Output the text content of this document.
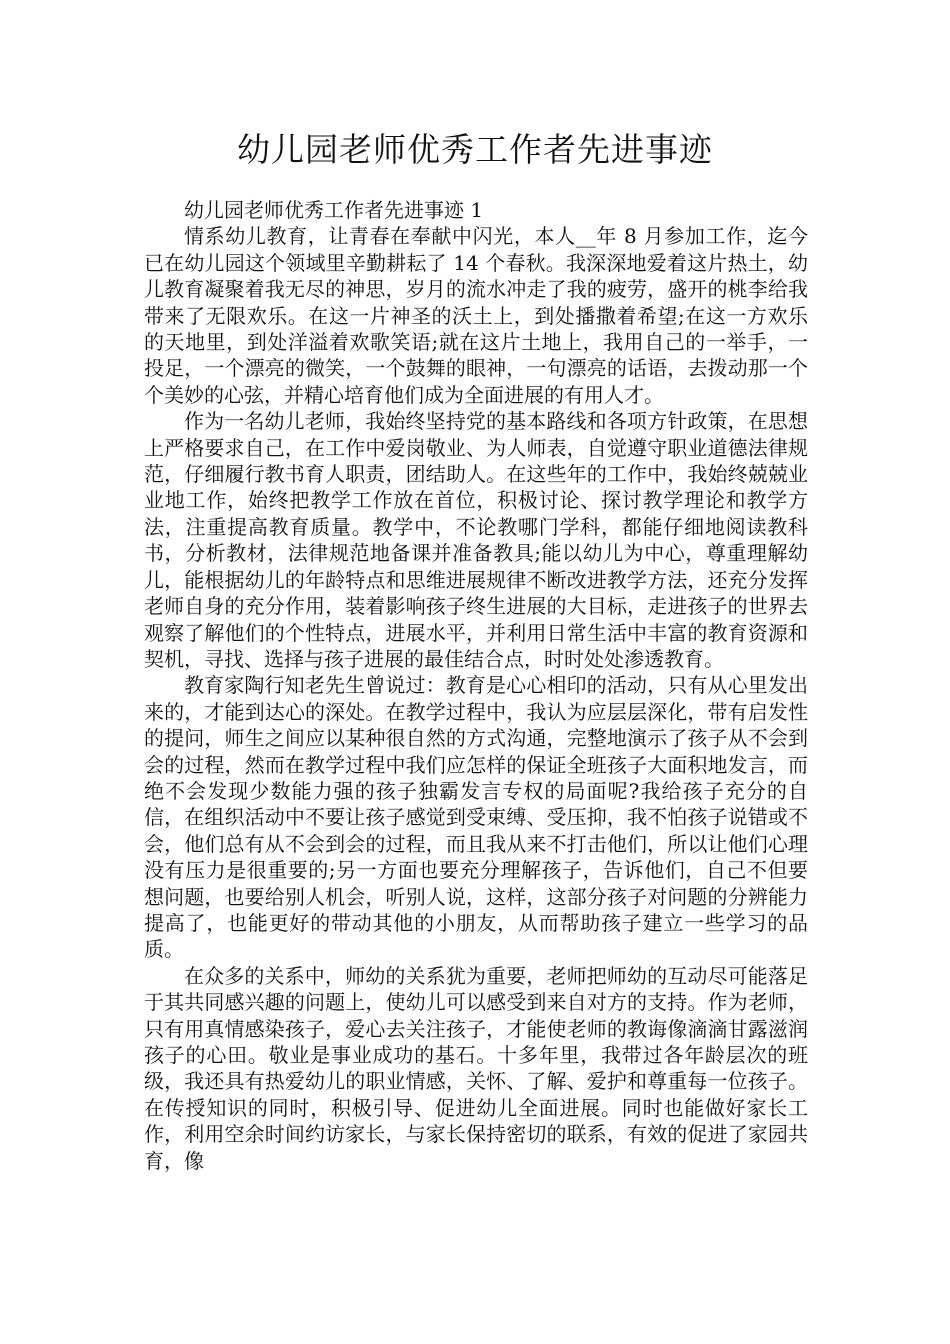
幼儿园老师优秀工作者先进事迹

幼儿园老师优秀工作者先进事迹 1

情系幼儿教育，让青春在奉献中闪光，本人__年 8 月参加工作，迄今已在幼儿园这个领域里辛勤耕耘了 14 个春秋。我深深地爱着这片热土，幼儿教育凝聚着我无尽的神思，岁月的流水冲走了我的疲劳，盛开的桃李给我带来了无限欢乐。在这一片神圣的沃土上，到处播撒着希望;在这一方欢乐的天地里，到处洋溢着欢歌笑语;就在这片土地上，我用自己的一举手，一投足，一个漂亮的微笑，一个鼓舞的眼神，一句漂亮的话语，去拨动那一个个美妙的心弦，并精心培育他们成为全面进展的有用人才。

作为一名幼儿老师，我始终坚持党的基本路线和各项方针政策，在思想上严格要求自己，在工作中爱岗敬业、为人师表，自觉遵守职业道德法律规范，仔细履行教书育人职责，团结助人。在这些年的工作中，我始终兢兢业业地工作，始终把教学工作放在首位，积极讨论、探讨教学理论和教学方法，注重提高教育质量。教学中，不论教哪门学科，都能仔细地阅读教科书，分析教材，法律规范地备课并准备教具;能以幼儿为中心，尊重理解幼儿，能根据幼儿的年龄特点和思维进展规律不断改进教学方法，还充分发挥老师自身的充分作用，装着影响孩子终生进展的大目标，走进孩子的世界去观察了解他们的个性特点，进展水平，并利用日常生活中丰富的教育资源和契机，寻找、选择与孩子进展的最佳结合点，时时处处渗透教育。

教育家陶行知老先生曾说过：教育是心心相印的活动，只有从心里发出来的，才能到达心的深处。在教学过程中，我认为应层层深化，带有启发性的提问，师生之间应以某种很自然的方式沟通，完整地演示了孩子从不会到会的过程，然而在教学过程中我们应怎样的保证全班孩子大面积地发言，而绝不会发现少数能力强的孩子独霸发言专权的局面呢?我给孩子充分的自信，在组织活动中不要让孩子感觉到受束缚、受压抑，我不怕孩子说错或不会，他们总有从不会到会的过程，而且我从来不打击他们，所以让他们心理没有压力是很重要的;另一方面也要充分理解孩子，告诉他们，自己不但要想问题，也要给别人机会，听别人说，这样，这部分孩子对问题的分辨能力提高了，也能更好的带动其他的小朋友，从而帮助孩子建立一些学习的品质。

在众多的关系中，师幼的关系犹为重要，老师把师幼的互动尽可能落足于其共同感兴趣的问题上，使幼儿可以感受到来自对方的支持。作为老师，只有用真情感染孩子，爱心去关注孩子，才能使老师的教诲像滴滴甘露滋润孩子的心田。敬业是事业成功的基石。十多年里，我带过各年龄层次的班级，我还具有热爱幼儿的职业情感，关怀、了解、爱护和尊重每一位孩子。在传授知识的同时，积极引导、促进幼儿全面进展。同时也能做好家长工作，利用空余时间约访家长，与家长保持密切的联系，有效的促进了家园共育，像
